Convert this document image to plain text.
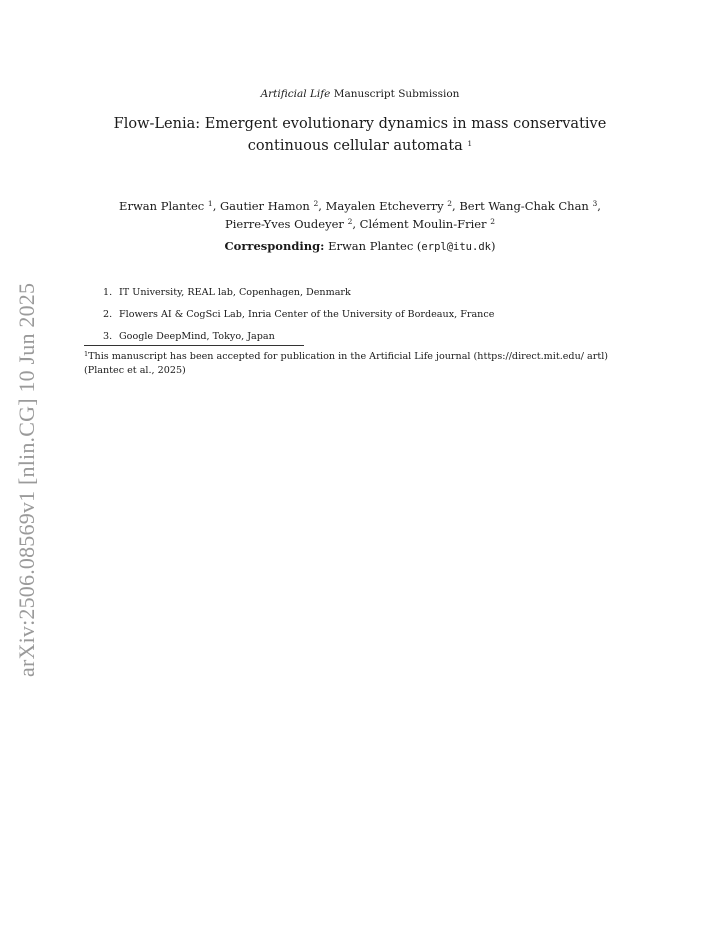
arXiv:2506.08569v1 [nlin.CG] 10 Jun 2025
Artificial Life Manuscript Submission
Flow-Lenia: Emergent evolutionary dynamics in mass conservative
continuous cellular automata $^1$
Erwan Plantec $^1$, Gautier Hamon $^2$, Mayalen Etcheverry $^2$, Bert Wang-Chak Chan $^3$,
Pierre-Yves Oudeyer $^2$, Clément Moulin-Frier $^2$
Corresponding: Erwan Plantec (erpl@itu.dk)
1. IT University, REAL lab, Copenhagen, Denmark
2. Flowers AI & CogSci Lab, Inria Center of the University of Bordeaux, France
3. Google DeepMind, Tokyo, Japan
$^1$This manuscript has been accepted for publication in the Artificial Life journal (https://direct.mit.edu/ artl) (Plantec et al., 2025)
